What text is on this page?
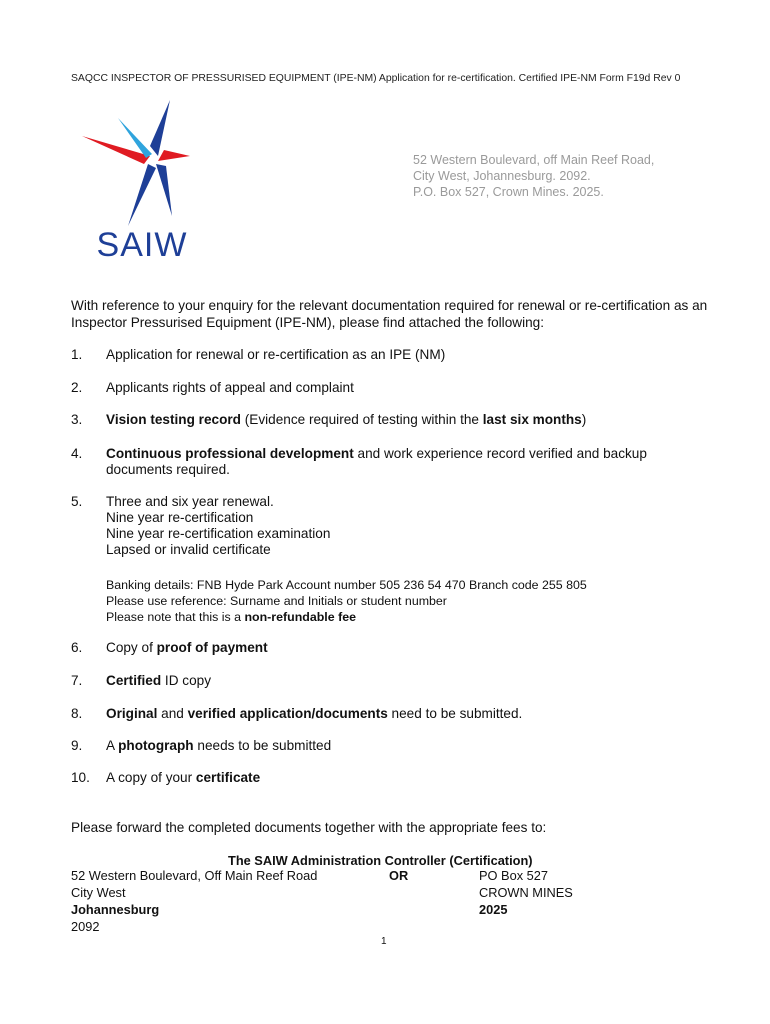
SAQCC INSPECTOR OF PRESSURISED EQUIPMENT (IPE-NM) Application for re-certification. Certified IPE-NM Form F19d Rev 0
SAIW
52 Western Boulevard, off Main Reef Road,
City West, Johannesburg. 2092.
P.O. Box 527, Crown Mines. 2025.
With reference to your enquiry for the relevant documentation required for renewal or re-certification as an Inspector Pressurised Equipment (IPE-NM), please find attached the following:
1. Application for renewal or re-certification as an IPE (NM)
2. Applicants rights of appeal and complaint
3. Vision testing record (Evidence required of testing within the last six months)
4. Continuous professional development and work experience record verified and backup documents required.
5. Three and six year renewal.
Nine year re-certification
Nine year re-certification examination
Lapsed or invalid certificate
Banking details: FNB Hyde Park Account number 505 236 54 470 Branch code 255 805
Please use reference: Surname and Initials or student number
Please note that this is a non-refundable fee
6. Copy of proof of payment
7. Certified ID copy
8. Original and verified application/documents need to be submitted.
9. A photograph needs to be submitted
10. A copy of your certificate
Please forward the completed documents together with the appropriate fees to:
The SAIW Administration Controller (Certification)
52 Western Boulevard, Off Main Reef Road
City West
Johannesburg
2092
OR	PO Box 527
CROWN MINES
2025
1
